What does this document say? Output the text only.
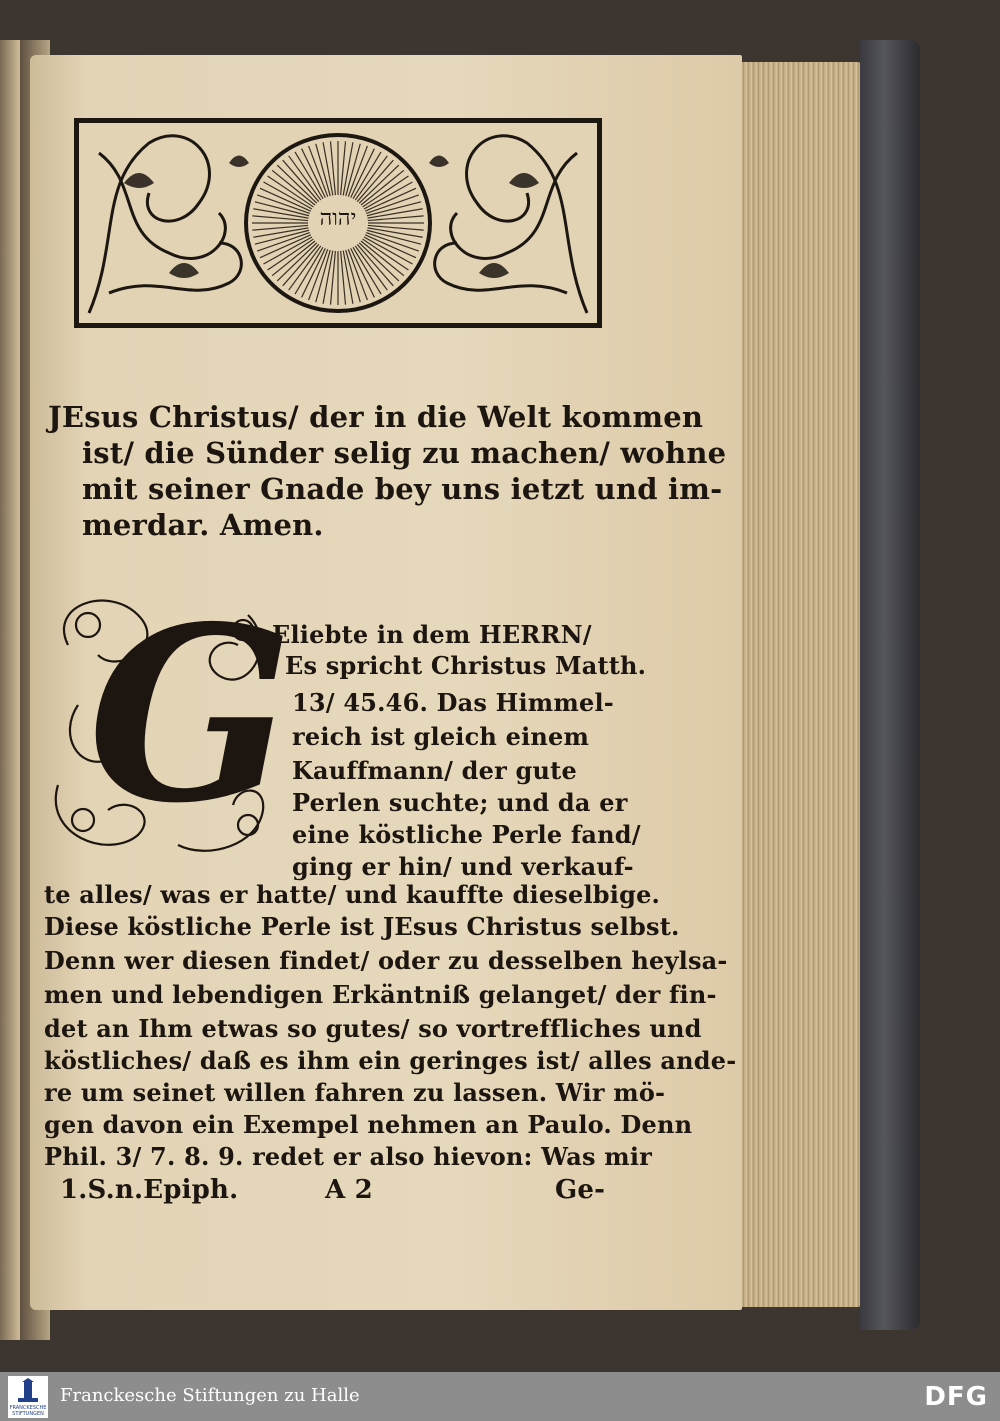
יהוה

JEsus Christus/ der in die Welt kommen

ist/ die Sünder selig zu machen/ wohne

mit seiner Gnade bey uns ietzt und im-

merdar. Amen.

G

Eliebte in dem HERRN/

Es spricht Christus Matth.

13/ 45.46. Das Himmel-

reich ist gleich einem

Kauffmann/ der gute

Perlen suchte; und da er

eine köstliche Perle fand/

ging er hin/ und verkauf-

te alles/ was er hatte/ und kauffte dieselbige.

Diese köstliche Perle ist JEsus Christus selbst.

Denn wer diesen findet/ oder zu desselben heylsa-

men und lebendigen Erkäntniß gelanget/ der fin-

det an Ihm etwas so gutes/ so vortreffliches und

köstliches/ daß es ihm ein geringes ist/ alles ande-

re um seinet willen fahren zu lassen. Wir mö-

gen davon ein Exempel nehmen an Paulo. Denn

Phil. 3/ 7. 8. 9. redet er also hievon: Was mir

1.S.n.Epiph.	A 2	Ge-
FRANCKESCHE STIFTUNGEN
Franckesche Stiftungen zu Halle	DFG
